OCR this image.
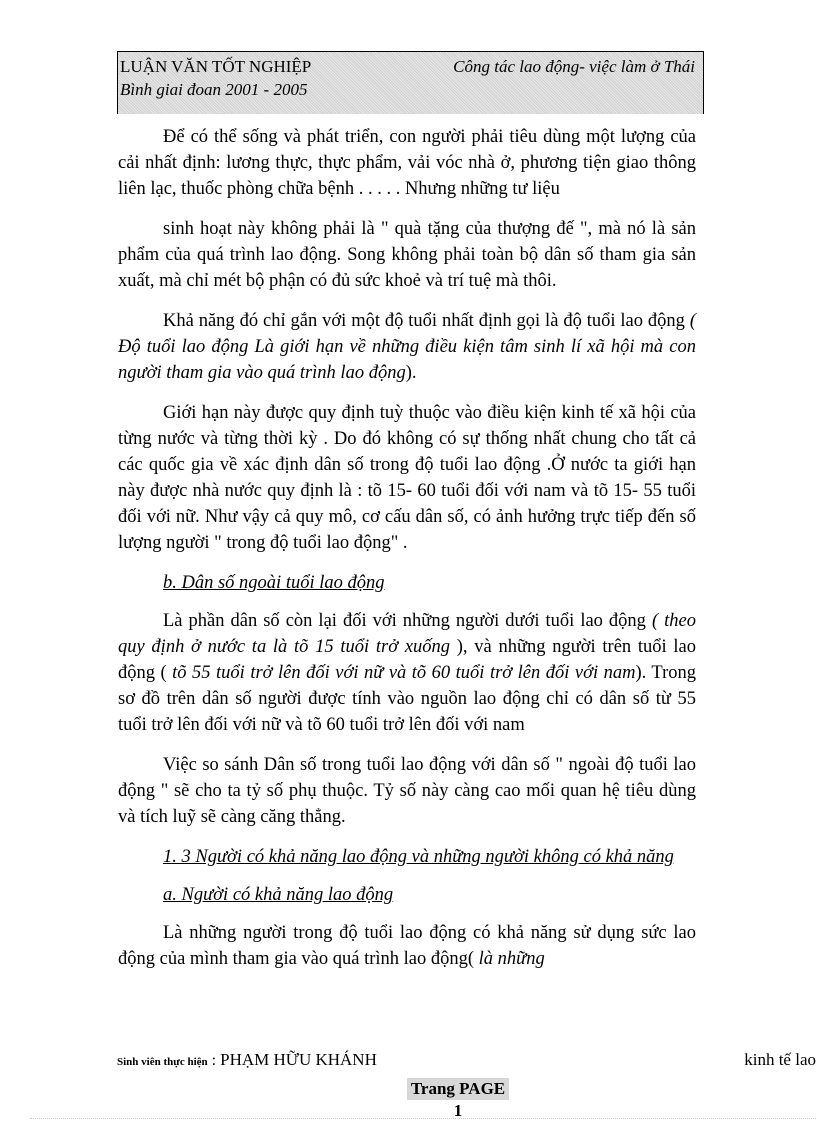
LUẬN VĂN TỐT NGHIỆP	Công tác lao động- việc làm ở Thái
Bình giai đoan 2001 - 2005

Để có thể sống và phát triển, con người phải tiêu dùng một lượng của cải nhất định: lương thực, thực phẩm, vải vóc nhà ở, phương tiện giao thông liên lạc, thuốc phòng chữa bệnh . . . . . Nhưng những tư liệu

sinh hoạt này không phải là " quà tặng của thượng đế ", mà nó là sản phẩm của quá trình lao động. Song không phải toàn bộ dân số tham gia sản xuất, mà chỉ mét bộ phận có đủ sức khoẻ và trí tuệ mà thôi.

Khả năng đó chỉ gắn với một độ tuổi nhất định gọi là độ tuổi lao động ( Độ tuổi lao động Là giới hạn về những điều kiện tâm sinh lí xã hội mà con người tham gia vào quá trình lao động).

Giới hạn này được quy định tuỳ thuộc vào điều kiện kinh tế xã hội của từng nước và từng thời kỳ . Do đó không có sự thống nhất chung cho tất cả các quốc gia về xác định dân số trong độ tuổi lao động .Ở nước ta giới hạn này được nhà nước quy định là : tõ 15- 60 tuổi đối với nam và tõ 15- 55 tuổi đối với nữ. Như vậy cả quy mô, cơ cấu dân số, có ảnh hưởng trực tiếp đến số lượng người " trong độ tuổi lao động" .

b. Dân số ngoài tuổi lao động

Là phần dân số còn lại đối với những người dưới tuổi lao động ( theo quy định ở nước ta là tõ 15 tuổi trở xuống ), và những người trên tuổi lao động ( tõ 55 tuổi trở lên đối với nữ và tõ 60 tuổi trở lên đối với nam). Trong sơ đồ trên dân số người được tính vào nguồn lao động chỉ có dân số từ 55 tuổi trở lên đối với nữ và tõ 60 tuổi trở lên đối với nam

Việc so sánh Dân số trong tuổi lao động với dân số " ngoài độ tuổi lao động " sẽ cho ta tỷ số phụ thuộc. Tỷ số này càng cao mối quan hệ tiêu dùng và tích luỹ sẽ càng căng thẳng.

1. 3 Người có khả năng lao động và những người không có khả năng

a. Người có khả năng lao động

Là những người trong độ tuổi lao động có khả năng sử dụng sức lao động của mình tham gia vào quá trình lao động( là những

Sinh viên thực hiện : PHẠM HỮU KHÁNH	kinh tế lao
Trang PAGE 1
